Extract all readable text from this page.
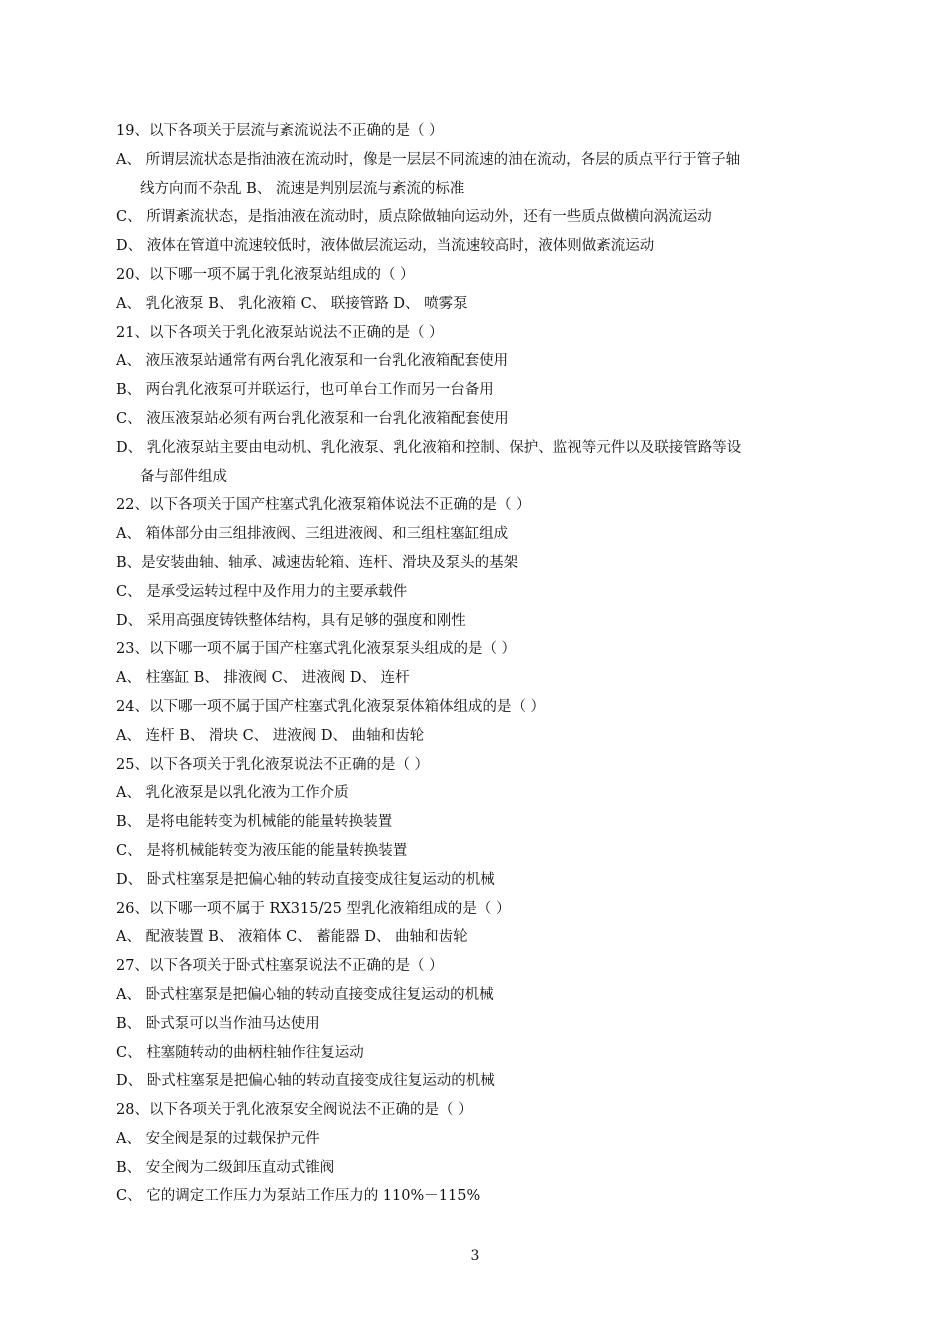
19、以下各项关于层流与紊流说法不正确的是（ ）
A、 所谓层流状态是指油液在流动时，像是一层层不同流速的油在流动，各层的质点平行于管子轴
线方向而不杂乱 B、 流速是判别层流与紊流的标准
C、 所谓紊流状态，是指油液在流动时，质点除做轴向运动外，还有一些质点做横向涡流运动
D、 液体在管道中流速较低时，液体做层流运动，当流速较高时，液体则做紊流运动
20、以下哪一项不属于乳化液泵站组成的（ ）
A、 乳化液泵 B、 乳化液箱 C、 联接管路 D、 喷雾泵
21、以下各项关于乳化液泵站说法不正确的是（ ）
A、 液压液泵站通常有两台乳化液泵和一台乳化液箱配套使用
B、 两台乳化液泵可并联运行，也可单台工作而另一台备用
C、 液压液泵站必须有两台乳化液泵和一台乳化液箱配套使用
D、 乳化液泵站主要由电动机、乳化液泵、乳化液箱和控制、保护、监视等元件以及联接管路等设
备与部件组成
22、以下各项关于国产柱塞式乳化液泵箱体说法不正确的是（ ）
A、 箱体部分由三组排液阀、三组进液阀、和三组柱塞缸组成
B、是安装曲轴、轴承、减速齿轮箱、连杆、滑块及泵头的基架
C、 是承受运转过程中及作用力的主要承载件
D、 采用高强度铸铁整体结构，具有足够的强度和刚性
23、以下哪一项不属于国产柱塞式乳化液泵泵头组成的是（ ）
A、 柱塞缸 B、 排液阀 C、 进液阀 D、 连杆
24、以下哪一项不属于国产柱塞式乳化液泵泵体箱体组成的是（ ）
A、 连杆 B、 滑块 C、 进液阀 D、 曲轴和齿轮
25、以下各项关于乳化液泵说法不正确的是（ ）
A、 乳化液泵是以乳化液为工作介质
B、 是将电能转变为机械能的能量转换装置
C、 是将机械能转变为液压能的能量转换装置
D、 卧式柱塞泵是把偏心轴的转动直接变成往复运动的机械
26、以下哪一项不属于 RX315/25 型乳化液箱组成的是（ ）
A、 配液装置 B、 液箱体 C、 蓄能器 D、 曲轴和齿轮
27、以下各项关于卧式柱塞泵说法不正确的是（ ）
A、 卧式柱塞泵是把偏心轴的转动直接变成往复运动的机械
B、 卧式泵可以当作油马达使用
C、 柱塞随转动的曲柄柱轴作往复运动
D、 卧式柱塞泵是把偏心轴的转动直接变成往复运动的机械
28、以下各项关于乳化液泵安全阀说法不正确的是（ ）
A、 安全阀是泵的过载保护元件
B、 安全阀为二级卸压直动式锥阀
C、 它的调定工作压力为泵站工作压力的 110%－115%
3
